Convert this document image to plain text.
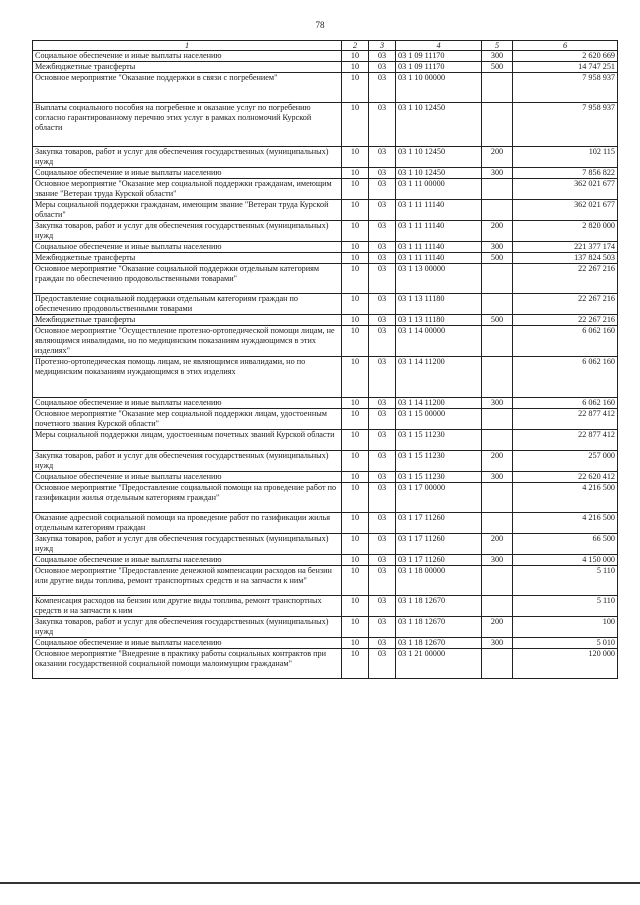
78
1	2	3	4	5	6
Социальное обеспечение и иные выплаты населению	10	03	03 1 09 11170	300	2 620 669
Межбюджетные трансферты	10	03	03 1 09 11170	500	14 747 251
Основное мероприятие "Оказание поддержки в связи с погребением"	10	03	03 1 10 00000		7 958 937
Выплаты социального пособия на погребение и оказание услуг по погребению согласно гарантированному перечню этих услуг в рамках полномочий Курской области	10	03	03 1 10 12450		7 958 937
Закупка товаров, работ и услуг для обеспечения государственных (муниципальных) нужд	10	03	03 1 10 12450	200	102 115
Социальное обеспечение и иные выплаты населению	10	03	03 1 10 12450	300	7 856 822
Основное мероприятие "Оказание мер социальной поддержки гражданам, имеющим звание "Ветеран труда Курской области"	10	03	03 1 11 00000		362 021 677
Меры социальной поддержки гражданам, имеющим звание "Ветеран труда Курской области"	10	03	03 1 11 11140		362 021 677
Закупка товаров, работ и услуг для обеспечения государственных (муниципальных) нужд	10	03	03 1 11 11140	200	2 820 000
Социальное обеспечение и иные выплаты населению	10	03	03 1 11 11140	300	221 377 174
Межбюджетные трансферты	10	03	03 1 11 11140	500	137 824 503
Основное мероприятие "Оказание социальной поддержки отдельным категориям граждан по обеспечению продовольственными товарами"	10	03	03 1 13 00000		22 267 216
Предоставление социальной поддержки отдельным категориям граждан по обеспечению продовольственными товарами	10	03	03 1 13 11180		22 267 216
Межбюджетные трансферты	10	03	03 1 13 11180	500	22 267 216
Основное мероприятие "Осуществление протезно-ортопедической помощи лицам, не являющимся инвалидами, но по медицинским показаниям нуждающимся в этих изделиях"	10	03	03 1 14 00000		6 062 160
Протезно-ортопедическая помощь лицам, не являющимся инвалидами, но по медицинским показаниям нуждающимся в этих изделиях	10	03	03 1 14 11200		6 062 160
Социальное обеспечение и иные выплаты населению	10	03	03 1 14 11200	300	6 062 160
Основное мероприятие "Оказание мер социальной поддержки лицам, удостоенным почетного звания Курской области"	10	03	03 1 15 00000		22 877 412
Меры социальной поддержки лицам, удостоенным почетных званий Курской области	10	03	03 1 15 11230		22 877 412
Закупка товаров, работ и услуг для обеспечения государственных (муниципальных) нужд	10	03	03 1 15 11230	200	257 000
Социальное обеспечение и иные выплаты населению	10	03	03 1 15 11230	300	22 620 412
Основное мероприятие "Предоставление социальной помощи на проведение работ по газификации жилья отдельным категориям граждан"	10	03	03 1 17 00000		4 216 500
Оказание адресной социальной помощи на проведение работ по газификации жилья отдельным категориям граждан	10	03	03 1 17 11260		4 216 500
Закупка товаров, работ и услуг для обеспечения государственных (муниципальных) нужд	10	03	03 1 17 11260	200	66 500
Социальное обеспечение и иные выплаты населению	10	03	03 1 17 11260	300	4 150 000
Основное мероприятие "Предоставление денежной компенсации расходов на бензин или другие виды топлива, ремонт транспортных средств и на запчасти к ним"	10	03	03 1 18 00000		5 110
Компенсация расходов на бензин или другие виды топлива, ремонт транспортных средств и на запчасти к ним	10	03	03 1 18 12670		5 110
Закупка товаров, работ и услуг для обеспечения государственных (муниципальных) нужд	10	03	03 1 18 12670	200	100
Социальное обеспечение и иные выплаты населению	10	03	03 1 18 12670	300	5 010
Основное мероприятие "Внедрение в практику работы социальных контрактов при оказании государственной социальной помощи малоимущим гражданам"	10	03	03 1 21 00000		120 000
